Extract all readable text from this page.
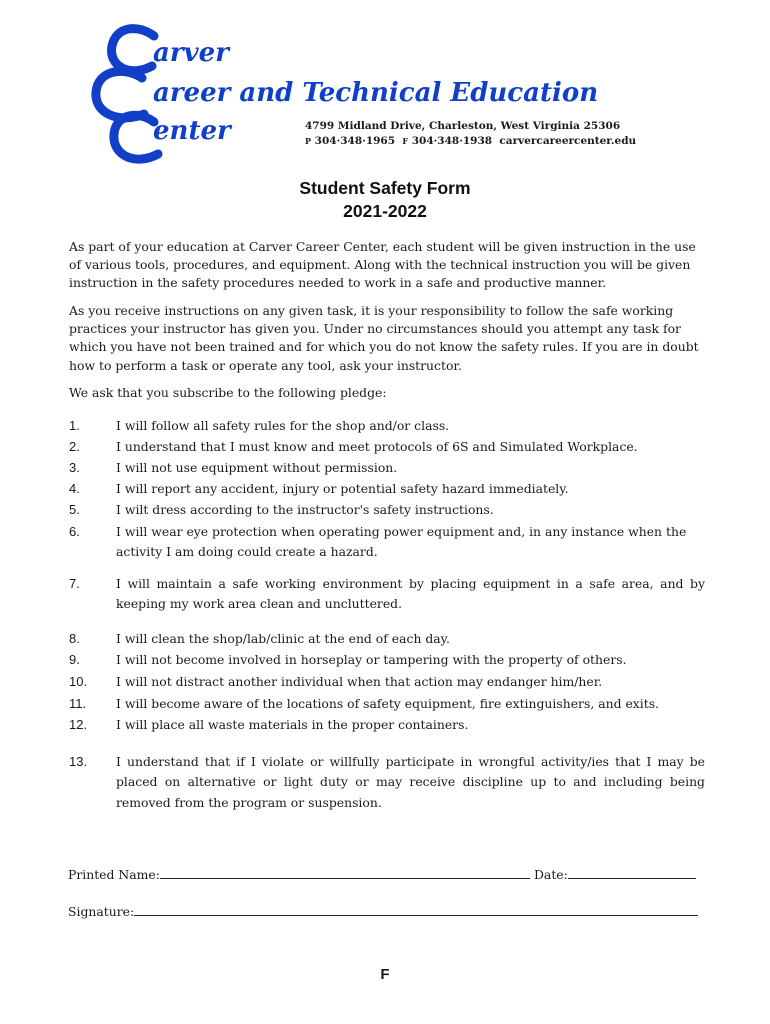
arver
areer and Technical Education
enter	4799 Midland Drive, Charleston, West Virginia 25306
P 304·348·1965 F 304·348·1938 carvercareercenter.edu
Student Safety Form
2021-2022
As part of your education at Carver Career Center, each student will be given instruction in the use of various tools, procedures, and equipment. Along with the technical instruction you will be given instruction in the safety procedures needed to work in a safe and productive manner.
As you receive instructions on any given task, it is your responsibility to follow the safe working practices your instructor has given you. Under no circumstances should you attempt any task for which you have not been trained and for which you do not know the safety rules. If you are in doubt how to perform a task or operate any tool, ask your instructor.
We ask that you subscribe to the following pledge:
1.	I will follow all safety rules for the shop and/or class.
2.	I understand that I must know and meet protocols of 6S and Simulated Workplace.
3.	I will not use equipment without permission.
4.	I will report any accident, injury or potential safety hazard immediately.
5.	I wilt dress according to the instructor's safety instructions.
6.	I will wear eye protection when operating power equipment and, in any instance when the activity I am doing could create a hazard.
7.	I will maintain a safe working environment by placing equipment in a safe area, and by keeping my work area clean and uncluttered.
8.	I will clean the shop/lab/clinic at the end of each day.
9.	I will not become involved in horseplay or tampering with the property of others.
10. I will not distract another individual when that action may endanger him/her.
11. I will become aware of the locations of safety equipment, fire extinguishers, and exits.
12. I will place all waste materials in the proper containers.
13. I understand that if I violate or willfully participate in wrongful activity/ies that I may be placed on alternative or light duty or may receive discipline up to and including being removed from the program or suspension.
Printed Name:	Date:
Signature:
F
